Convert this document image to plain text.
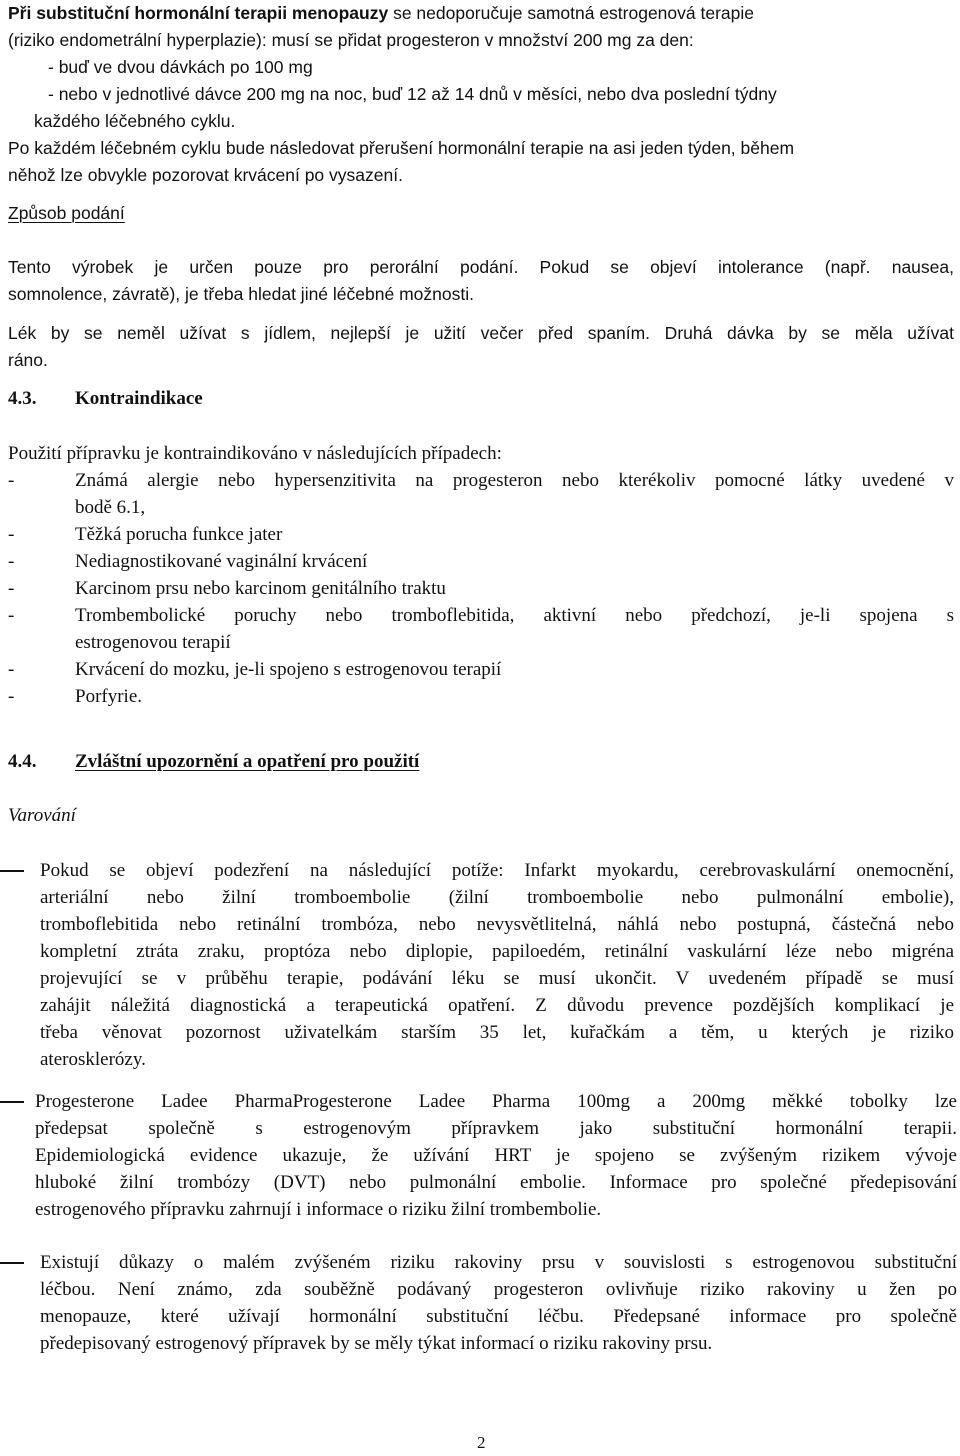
Při substituční hormonální terapii menopauzy se nedoporučuje samotná estrogenová terapie
(riziko endometrální hyperplazie): musí se přidat progesteron v množství 200 mg za den:
- buď ve dvou dávkách po 100 mg
- nebo v jednotlivé dávce 200 mg na noc, buď 12 až 14 dnů v měsíci, nebo dva poslední týdny
každého léčebného cyklu.
Po každém léčebném cyklu bude následovat přerušení hormonální terapie na asi jeden týden, během
něhož lze obvykle pozorovat krvácení po vysazení.
Způsob podání
Tento výrobek je určen pouze pro perorální podání. Pokud se objeví intolerance (např. nausea,
somnolence, závratě), je třeba hledat jiné léčebné možnosti.
Lék by se neměl užívat s jídlem, nejlepší je užití večer před spaním. Druhá dávka by se měla užívat
ráno.
4.3. Kontraindikace
Použití přípravku je kontraindikováno v následujících případech:
-	Známá alergie nebo hypersenzitivita na progesteron nebo kterékoliv pomocné látky uvedené v
bodě 6.1,
-	Těžká porucha funkce jater
-	Nediagnostikované vaginální krvácení
-	Karcinom prsu nebo karcinom genitálního traktu
-	Trombembolické poruchy nebo tromboflebitida, aktivní nebo předchozí, je-li spojena s
estrogenovou terapií
-	Krvácení do mozku, je-li spojeno s estrogenovou terapií
-	Porfyrie.
4.4. Zvláštní upozornění a opatření pro použití
Varování
Pokud se objeví podezření na následující potíže: Infarkt myokardu, cerebrovaskulární onemocnění,
arteriální nebo žilní tromboembolie (žilní tromboembolie nebo pulmonální embolie),
tromboflebitida nebo retinální trombóza, nebo nevysvětlitelná, náhlá nebo postupná, částečná nebo
kompletní ztráta zraku, proptóza nebo diplopie, papiloedém, retinální vaskulární léze nebo migréna
projevující se v průběhu terapie, podávání léku se musí ukončit. V uvedeném případě se musí
zahájit náležitá diagnostická a terapeutická opatření. Z důvodu prevence pozdějších komplikací je
třeba věnovat pozornost uživatelkám starším 35 let, kuřačkám a těm, u kterých je riziko
aterosklerózy.
Progesterone Ladee PharmaProgesterone Ladee Pharma 100mg a 200mg měkké tobolky lze
předepsat společně s estrogenovým přípravkem jako substituční hormonální terapii.
Epidemiologická evidence ukazuje, že užívání HRT je spojeno se zvýšeným rizikem vývoje
hluboké žilní trombózy (DVT) nebo pulmonální embolie. Informace pro společné předepisování
estrogenového přípravku zahrnují i informace o riziku žilní trombembolie.
Existují důkazy o malém zvýšeném riziku rakoviny prsu v souvislosti s estrogenovou substituční
léčbou. Není známo, zda souběžně podávaný progesteron ovlivňuje riziko rakoviny u žen po
menopauze, které užívají hormonální substituční léčbu. Předepsané informace pro společně
předepisovaný estrogenový přípravek by se měly týkat informací o riziku rakoviny prsu.
2
